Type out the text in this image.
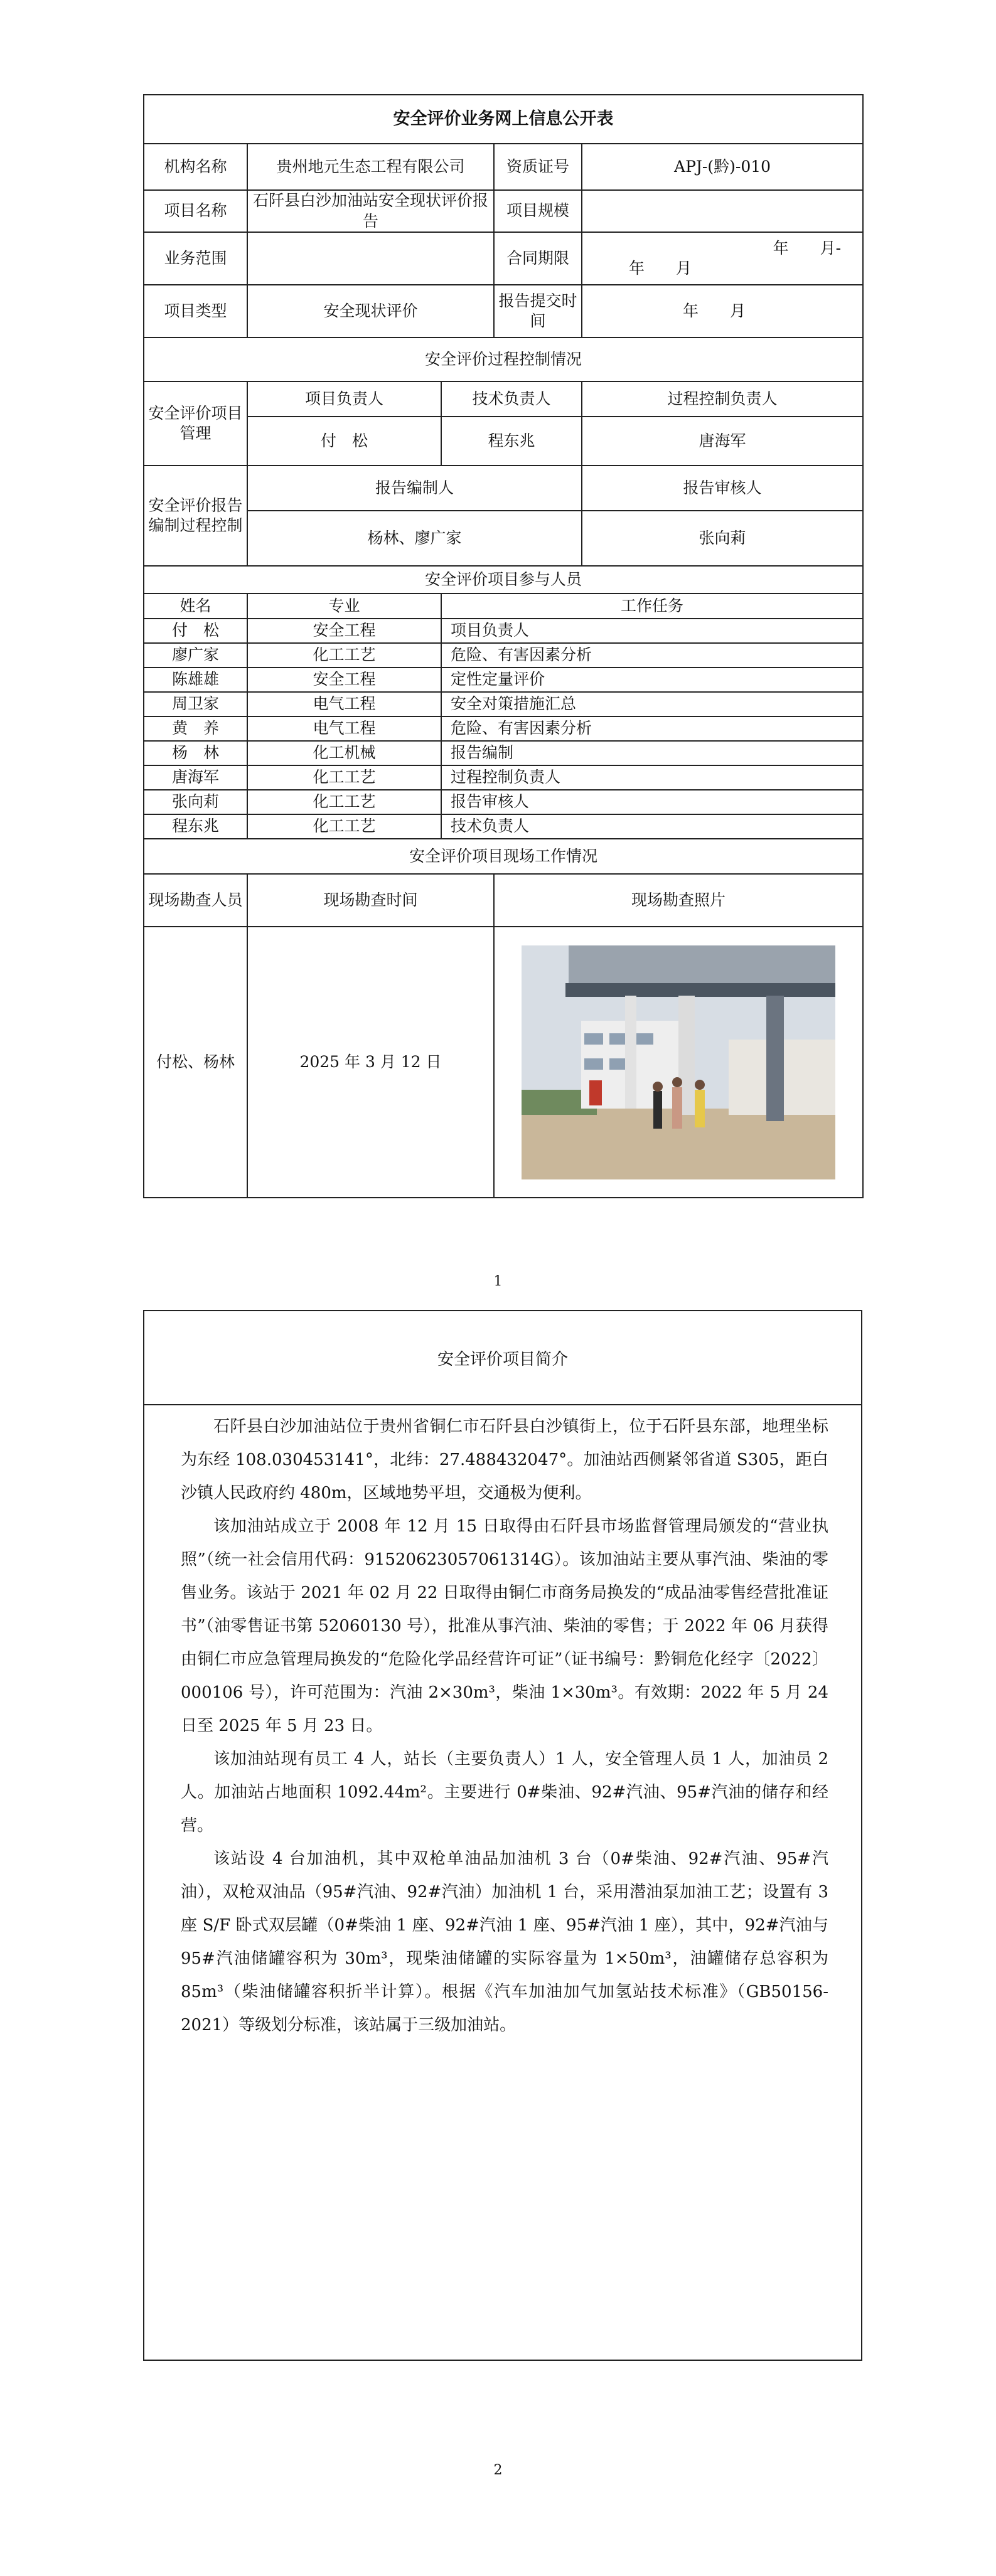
安全评价业务网上信息公开表				
机构名称	贵州地元生态工程有限公司		资质证号	APJ-(黔)-010
项目名称	石阡县白沙加油站安全现状评价报告		项目规模	
业务范围			合同期限	年　　月-
年　　月

项目类型	安全现状评价		报告提交时间	年　　月
安全评价过程控制情况				
安全评价项目管理	项目负责人	技术负责人		过程控制负责人
	付　松	程东兆		唐海军
安全评价报告编制过程控制	报告编制人			报告审核人
	杨林、廖广家			张向莉
安全评价项目参与人员				
姓名	专业	工作任务		
付　松	安全工程	项目负责人		
廖广家	化工工艺	危险、有害因素分析		
陈雄雄	安全工程	定性定量评价		
周卫家	电气工程	安全对策措施汇总		
黄　养	电气工程	危险、有害因素分析		
杨　林	化工机械	报告编制		
唐海军	化工工艺	过程控制负责人		
张向莉	化工工艺	报告审核人		
程东兆	化工工艺	技术负责人		
安全评价项目现场工作情况				
现场勘查人员	现场勘查时间		现场勘查照片	
付松、杨林	2025 年 3 月 12 日	
1
安全评价项目简介

石阡县白沙加油站位于贵州省铜仁市石阡县白沙镇街上，位于石阡县东部，地理坐标为东经 108.030453141°，北纬：27.488432047°。加油站西侧紧邻省道 S305，距白沙镇人民政府约 480m，区域地势平坦，交通极为便利。

该加油站成立于 2008 年 12 月 15 日取得由石阡县市场监督管理局颁发的“营业执照”（统一社会信用代码：91520623057061314G）。该加油站主要从事汽油、柴油的零售业务。该站于 2021 年 02 月 22 日取得由铜仁市商务局换发的“成品油零售经营批准证书”（油零售证书第 52060130 号），批准从事汽油、柴油的零售；于 2022 年 06 月获得由铜仁市应急管理局换发的“危险化学品经营许可证”（证书编号：黔铜危化经字〔2022〕000106 号），许可范围为：汽油 2×30m³，柴油 1×30m³。有效期：2022 年 5 月 24 日至 2025 年 5 月 23 日。

该加油站现有员工 4 人，站长（主要负责人）1 人，安全管理人员 1 人，加油员 2 人。加油站占地面积 1092.44m²。主要进行 0#柴油、92#汽油、95#汽油的储存和经营。

该站设 4 台加油机，其中双枪单油品加油机 3 台（0#柴油、92#汽油、95#汽油），双枪双油品（95#汽油、92#汽油）加油机 1 台，采用潜油泵加油工艺；设置有 3 座 S/F 卧式双层罐（0#柴油 1 座、92#汽油 1 座、95#汽油 1 座），其中，92#汽油与 95#汽油储罐容积为 30m³，现柴油储罐的实际容量为 1×50m³，油罐储存总容积为 85m³（柴油储罐容积折半计算）。根据《汽车加油加气加氢站技术标准》（GB50156-2021）等级划分标准，该站属于三级加油站。

2
